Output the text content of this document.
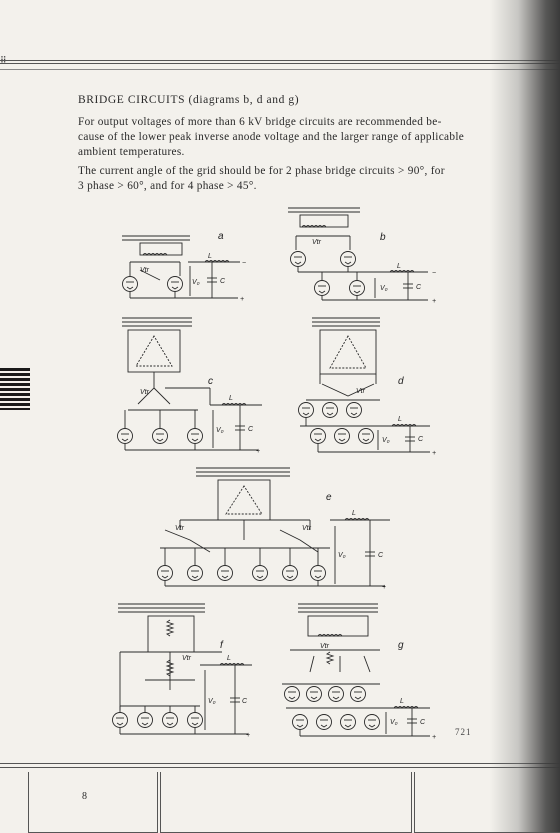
BRIDGE CIRCUITS (diagrams b, d and g)
For output voltages of more than 6 kV bridge circuits are recommended be-
cause of the lower peak inverse anode voltage and the larger range of applicable
ambient temperatures.
The current angle of the grid should be for 2 phase bridge circuits > 90°, for
3 phase > 60°, and for 4 phase > 45°.
a
L
C
V₀
Vtr
−
+
b
Vtr
L
C
V₀
−
+
c
Vtr
L
C
V₀
+
d
Vtr
L
C
V₀
+
e
Vtr	Vtr
L
C
V₀
+
f
Vtr	L
C
V₀
+
g
Vtr
L
C
V₀
+
721
8
